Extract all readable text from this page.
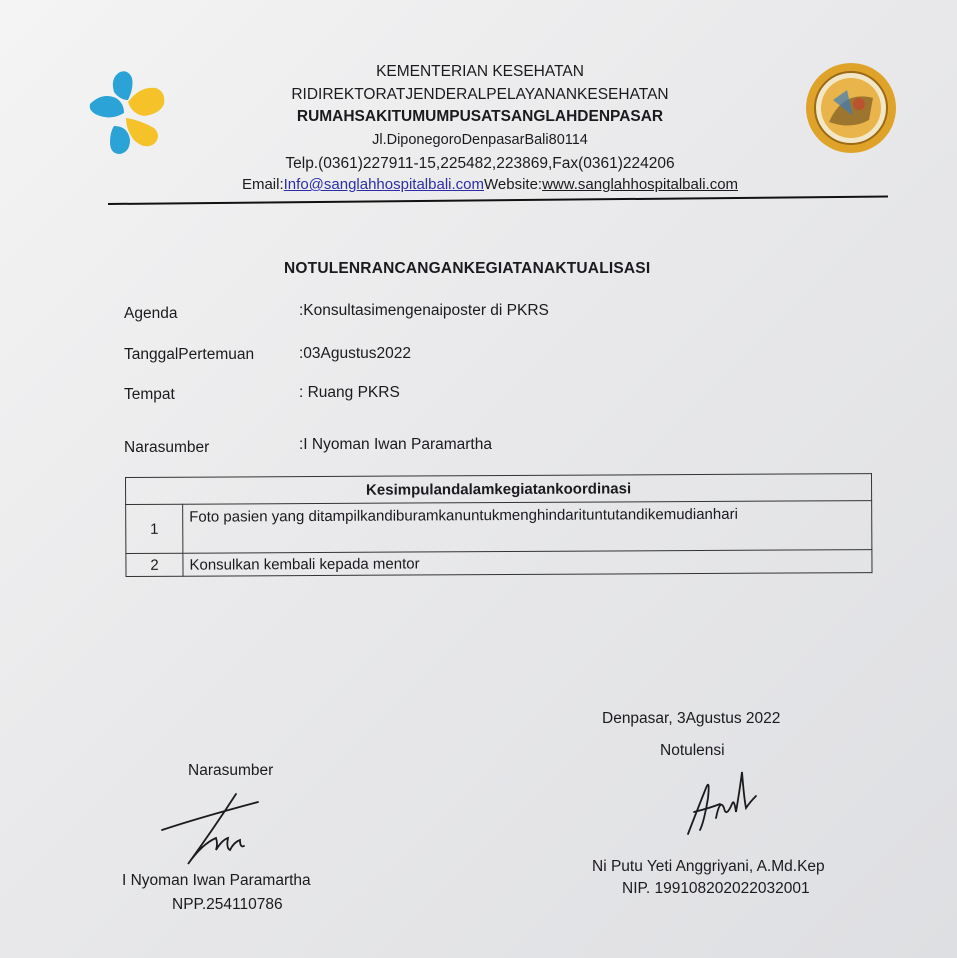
KEMENTERIAN KESEHATAN
RIDIREKTORATJENDERALPELAYANANKESEHATAN
RUMAHSAKITUMUMPUSATSANGLAHDENPASAR
Jl.DiponegoroDenpasarBali80114
Telp.(0361)227911-15,225482,223869,Fax(0361)224206
Email:Info@sanglahhospitalbali.comWebsite:www.sanglahhospitalbali.com
NOTULENRANCANGANKEGIATANAKTUALISASI
Agenda	:Konsultasimengenaiposter di PKRS
TanggalPertemuan	:03Agustus2022
Tempat	: Ruang PKRS
Narasumber	:I Nyoman Iwan Paramartha
Kesimpulandalamkegiatankoordinasi	
1	Foto pasien yang ditampilkandiburamkanuntukmenghindarituntutandikemudianhari
2	Konsulkan kembali kepada mentor
Denpasar, 3Agustus 2022
Notulensi
Ni Putu Yeti Anggriyani, A.Md.Kep
NIP. 199108202022032001
Narasumber
I Nyoman Iwan Paramartha
NPP.254110786
